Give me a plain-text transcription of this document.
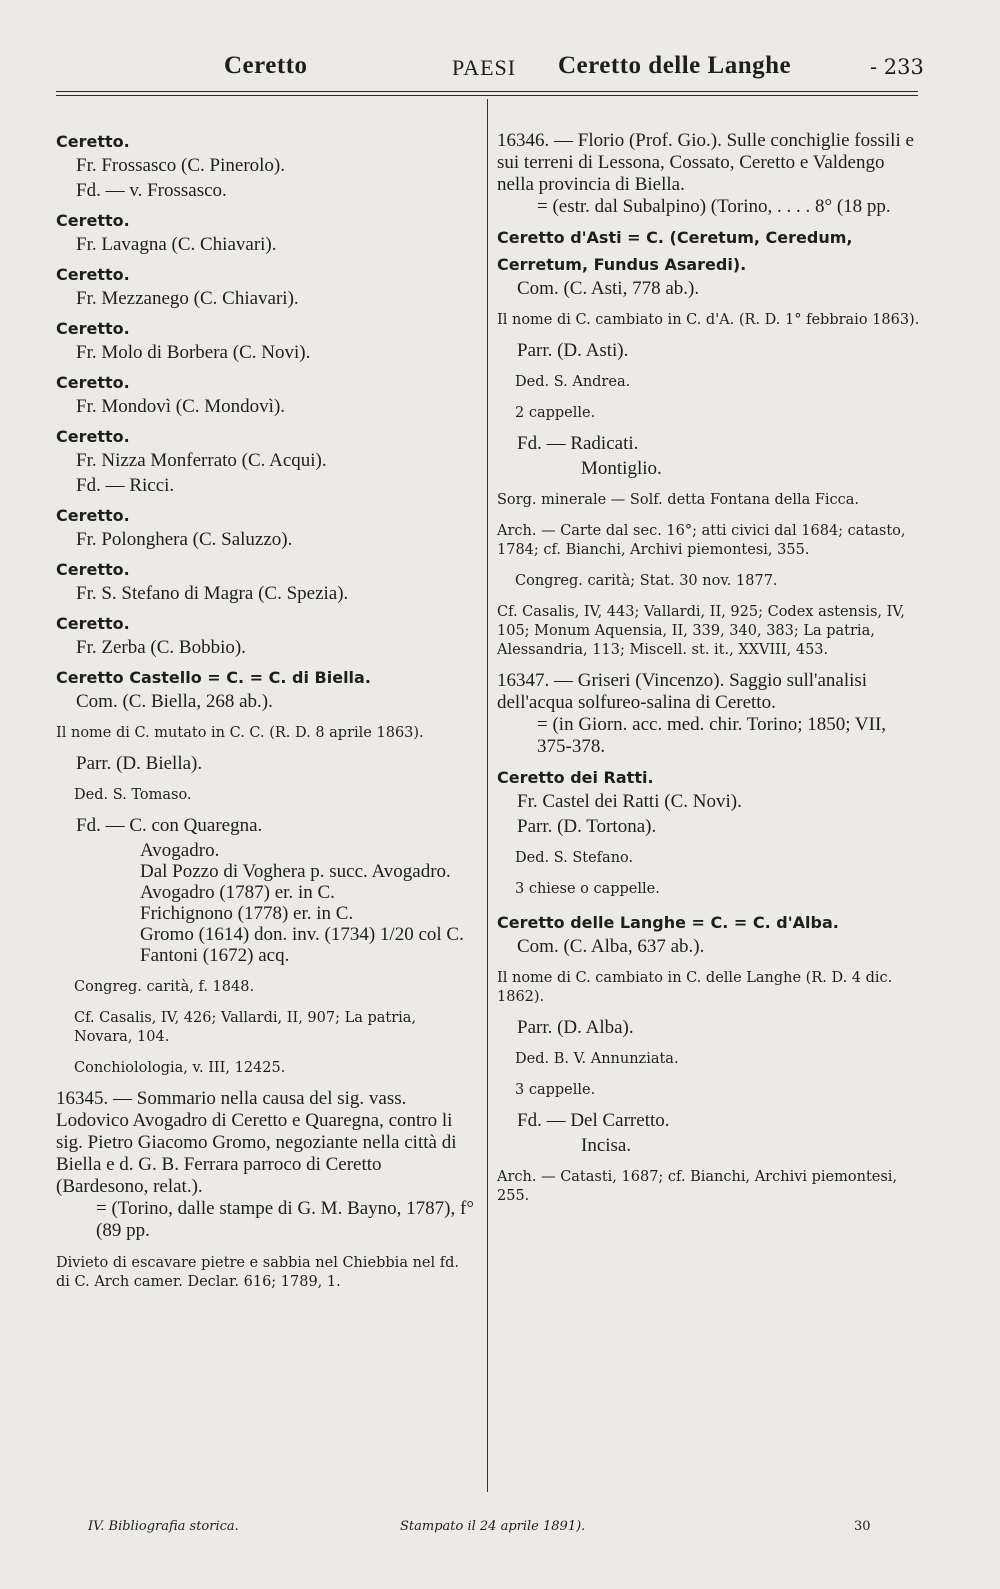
Ceretto	PAESI Ceretto delle Langhe	- 233
Ceretto.
Fr. Frossasco (C. Pinerolo).
Fd. — v. Frossasco.
Ceretto.
Fr. Lavagna (C. Chiavari).
Ceretto.
Fr. Mezzanego (C. Chiavari).
Ceretto.
Fr. Molo di Borbera (C. Novi).
Ceretto.
Fr. Mondovì (C. Mondovì).
Ceretto.
Fr. Nizza Monferrato (C. Acqui).
Fd. — Ricci.
Ceretto.
Fr. Polonghera (C. Saluzzo).
Ceretto.
Fr. S. Stefano di Magra (C. Spezia).
Ceretto.
Fr. Zerba (C. Bobbio).
Ceretto Castello = C. = C. di Biella.
Com. (C. Biella, 268 ab.).
Il nome di C. mutato in C. C. (R. D. 8 aprile 1863).
Parr. (D. Biella).
Ded. S. Tomaso.
Fd. — C. con Quaregna.
Avogadro.
Dal Pozzo di Voghera p. succ. Avogadro.
Avogadro (1787) er. in C.
Frichignono (1778) er. in C.
Gromo (1614) don. inv. (1734) 1/20 col C.
Fantoni (1672) acq.
Congreg. carità, f. 1848.
Cf. Casalis, IV, 426; Vallardi, II, 907; La patria, Novara, 104.
Conchiolologia, v. III, 12425.
16345. — Sommario nella causa del sig. vass. Lodovico Avogadro di Ceretto e Quaregna, contro li sig. Pietro Giacomo Gromo, negoziante nella città di Biella e d. G. B. Ferrara parroco di Ceretto (Bardesono, relat.).
= (Torino, dalle stampe di G. M. Bayno, 1787), f° (89 pp.
Divieto di escavare pietre e sabbia nel Chiebbia nel fd. di C. Arch camer. Declar. 616; 1789, 1.
16346. — Florio (Prof. Gio.). Sulle conchiglie fossili e sui terreni di Lessona, Cossato, Ceretto e Valdengo nella provincia di Biella.
= (estr. dal Subalpino) (Torino, . . . . 8° (18 pp.
Ceretto d'Asti = C. (Ceretum, Ceredum, Cerretum, Fundus Asaredi).
Com. (C. Asti, 778 ab.).
Il nome di C. cambiato in C. d'A. (R. D. 1° febbraio 1863).
Parr. (D. Asti).
Ded. S. Andrea.
2 cappelle.
Fd. — Radicati.
Montiglio.
Sorg. minerale — Solf. detta Fontana della Ficca.
Arch. — Carte dal sec. 16°; atti civici dal 1684; catasto, 1784; cf. Bianchi, Archivi piemontesi, 355.
Congreg. carità; Stat. 30 nov. 1877.
Cf. Casalis, IV, 443; Vallardi, II, 925; Codex astensis, IV, 105; Monum Aquensia, II, 339, 340, 383; La patria, Alessandria, 113; Miscell. st. it., XXVIII, 453.
16347. — Griseri (Vincenzo). Saggio sull'analisi dell'acqua solfureo-salina di Ceretto.
= (in Giorn. acc. med. chir. Torino; 1850; VII, 375-378.
Ceretto dei Ratti.
Fr. Castel dei Ratti (C. Novi).
Parr. (D. Tortona).
Ded. S. Stefano.
3 chiese o cappelle.
Ceretto delle Langhe = C. = C. d'Alba.
Com. (C. Alba, 637 ab.).
Il nome di C. cambiato in C. delle Langhe (R. D. 4 dic. 1862).
Parr. (D. Alba).
Ded. B. V. Annunziata.
3 cappelle.
Fd. — Del Carretto.
Incisa.
Arch. — Catasti, 1687; cf. Bianchi, Archivi piemontesi, 255.
IV. Bibliografia storica.	Stampato il 24 aprile 1891).	30
